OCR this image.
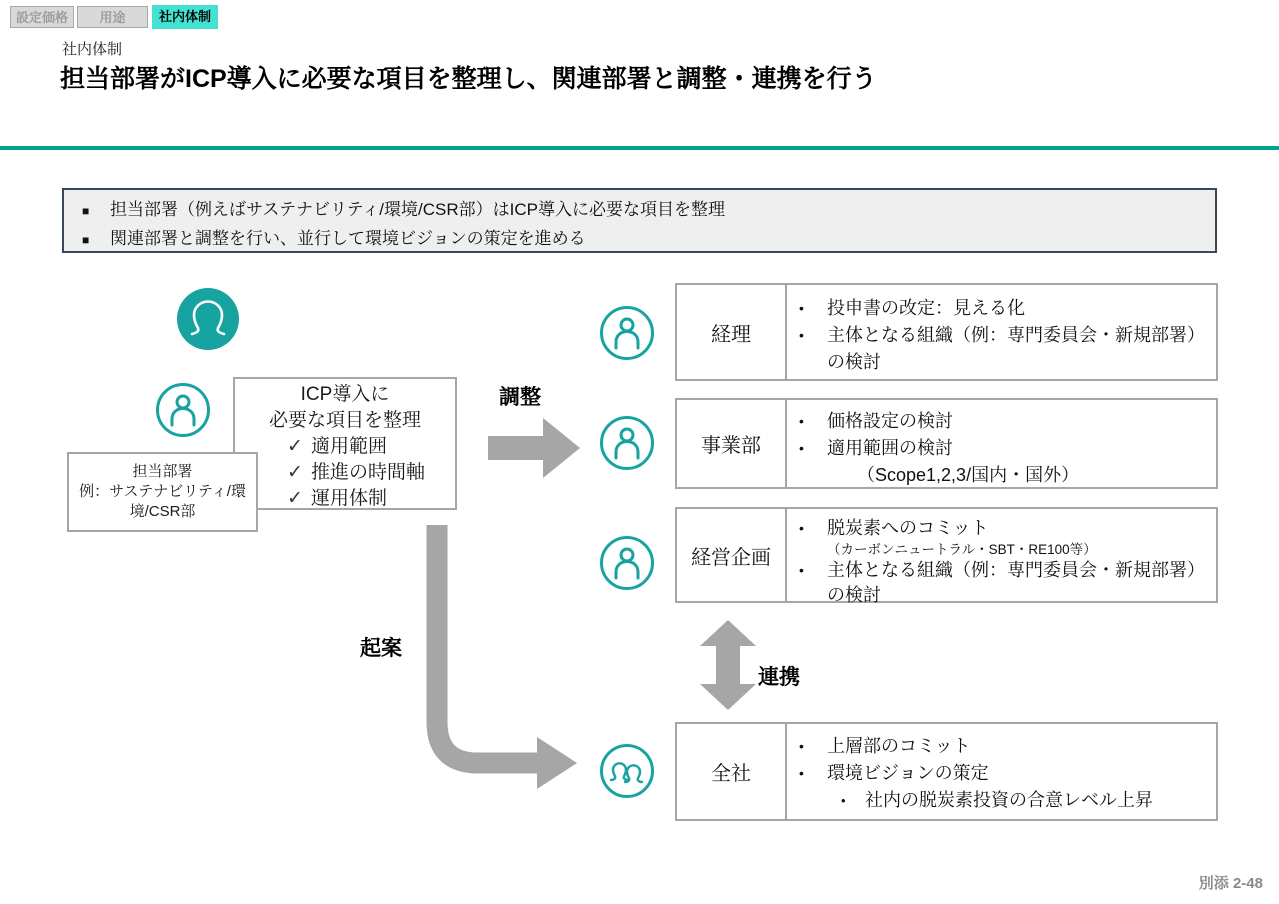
設定価格	用途	社内体制
社内体制
担当部署がICP導入に必要な項目を整理し、関連部署と調整・連携を行う
■	担当部署（例えばサステナビリティ/環境/CSR部）はICP導入に必要な項目を整理
■	関連部署と調整を行い、並行して環境ビジョンの策定を進める
担当部署
例：サステナビリティ/環境/CSR部
ICP導入に
必要な項目を整理
✓ 適用範囲
✓ 推進の時間軸
✓ 運用体制
調整
起案
連携
経理
•	投申書の改定：見える化
•	主体となる組織（例：専門委員会・新規部署）の検討
事業部
•	価格設定の検討
•	適用範囲の検討
（Scope1,2,3/国内・国外）
経営企画
•	脱炭素へのコミット
（カーボンニュートラル・SBT・RE100等）
•	主体となる組織（例：専門委員会・新規部署）の検討
全社
•	上層部のコミット
•	環境ビジョンの策定
•	社内の脱炭素投資の合意レベル上昇
別添 2-48
